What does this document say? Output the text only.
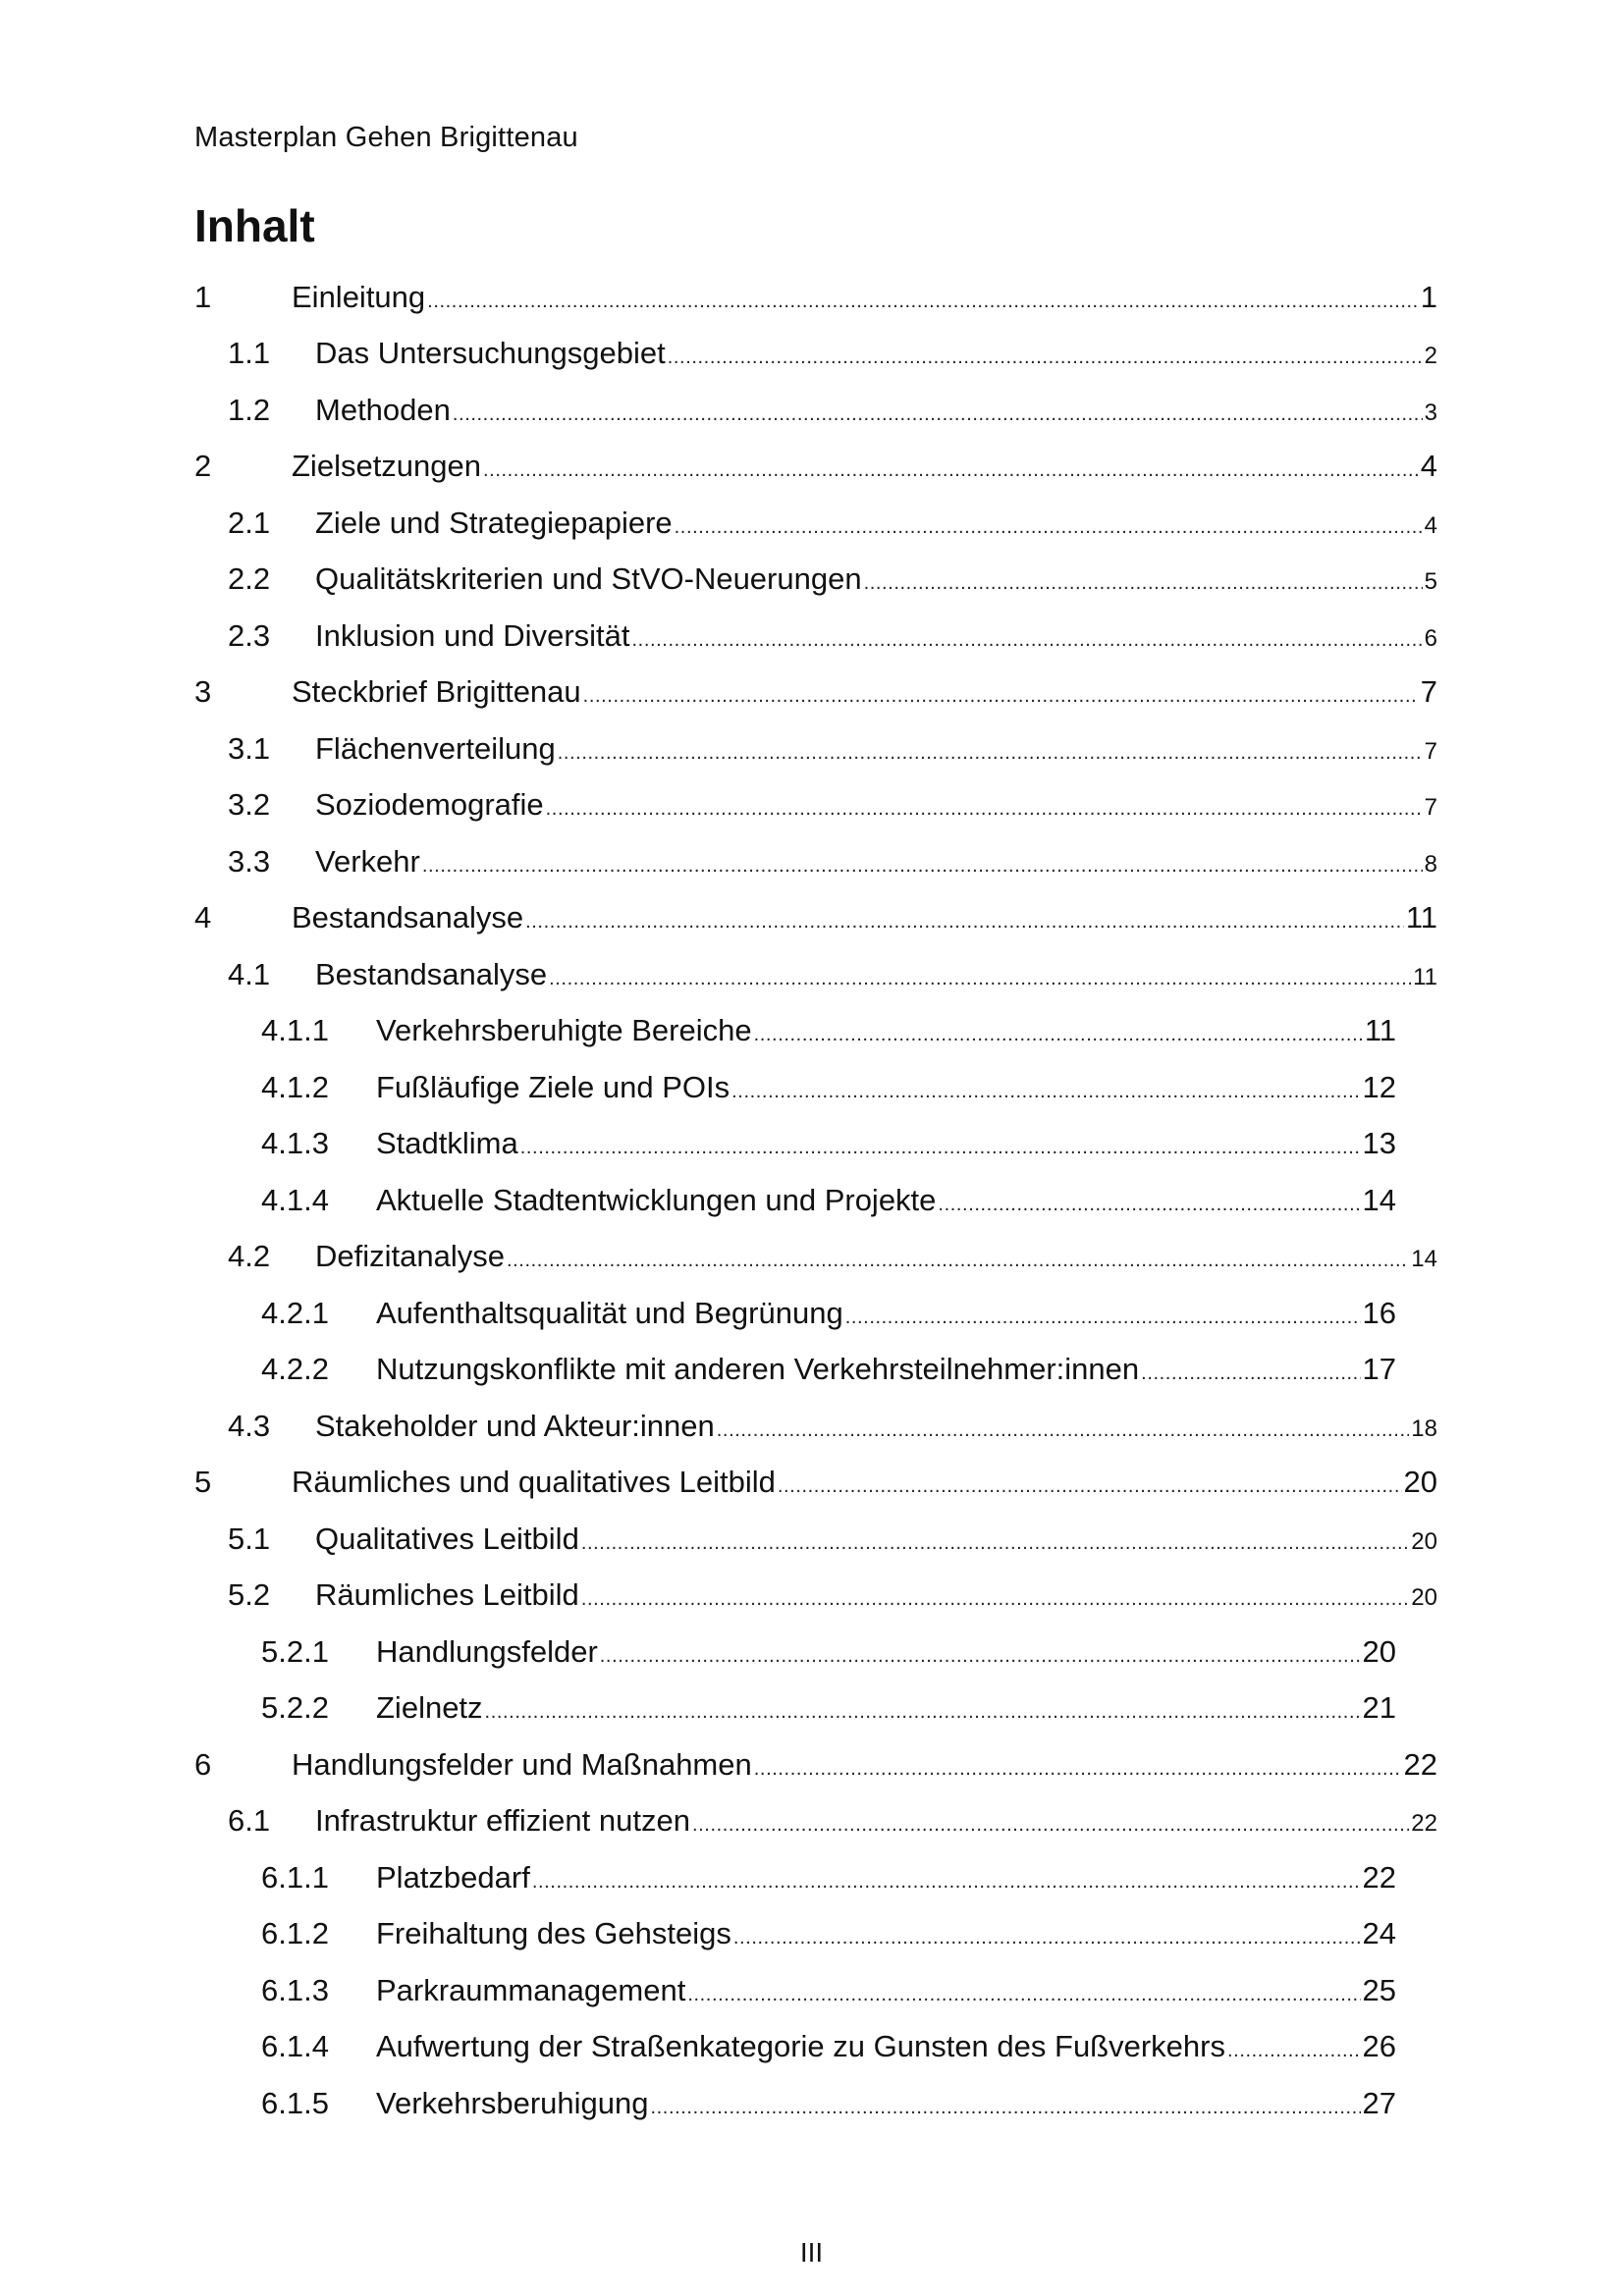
Masterplan Gehen Brigittenau
Inhalt
1	Einleitung .....	1
1.1 Das Untersuchungsgebiet .....	2
1.2 Methoden .....	3
2	Zielsetzungen .....	4
2.1 Ziele und Strategiepapiere .....	4
2.2 Qualitätskriterien und StVO-Neuerungen .....	5
2.3 Inklusion und Diversität .....	6
3	Steckbrief Brigittenau .....	7
3.1 Flächenverteilung .....	7
3.2 Soziodemografie .....	7
3.3 Verkehr .....	8
4	Bestandsanalyse .....	11
4.1 Bestandsanalyse .....	11
4.1.1 Verkehrsberuhigte Bereiche .....	11
4.1.2 Fußläufige Ziele und POIs .....	12
4.1.3 Stadtklima .....	13
4.1.4 Aktuelle Stadtentwicklungen und Projekte .....	14
4.2 Defizitanalyse .....	14
4.2.1 Aufenthaltsqualität und Begrünung .....	16
4.2.2 Nutzungskonflikte mit anderen Verkehrsteilnehmer:innen .....	17
4.3 Stakeholder und Akteur:innen .....	18
5	Räumliches und qualitatives Leitbild .....	20
5.1 Qualitatives Leitbild .....	20
5.2 Räumliches Leitbild .....	20
5.2.1 Handlungsfelder .....	20
5.2.2 Zielnetz .....	21
6	Handlungsfelder und Maßnahmen .....	22
6.1 Infrastruktur effizient nutzen .....	22
6.1.1 Platzbedarf .....	22
6.1.2 Freihaltung des Gehsteigs .....	24
6.1.3 Parkraummanagement .....	25
6.1.4 Aufwertung der Straßenkategorie zu Gunsten des Fußverkehrs .....	26
6.1.5 Verkehrsberuhigung .....	27
III
